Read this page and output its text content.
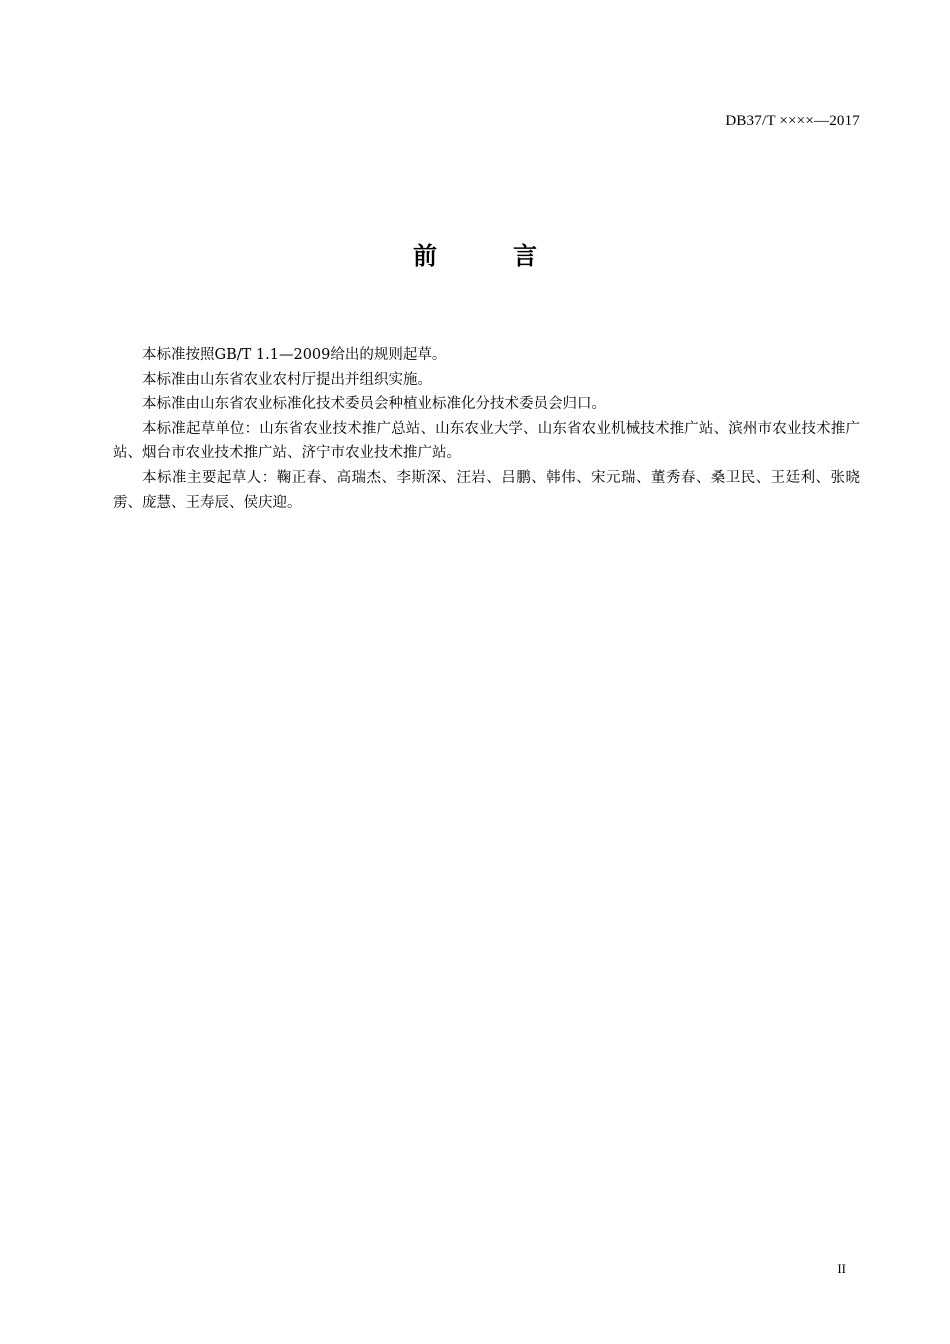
DB37/T ××××—2017
前　言

本标准按照GB/T 1.1—2009给出的规则起草。

本标准由山东省农业农村厅提出并组织实施。

本标准由山东省农业标准化技术委员会种植业标准化分技术委员会归口。

本标准起草单位：山东省农业技术推广总站、山东农业大学、山东省农业机械技术推广站、滨州市农业技术推广站、烟台市农业技术推广站、济宁市农业技术推广站。

本标准主要起草人：鞠正春、高瑞杰、李斯深、汪岩、吕鹏、韩伟、宋元瑞、董秀春、桑卫民、王廷利、张晓雳、庞慧、王寿辰、侯庆迎。

II
